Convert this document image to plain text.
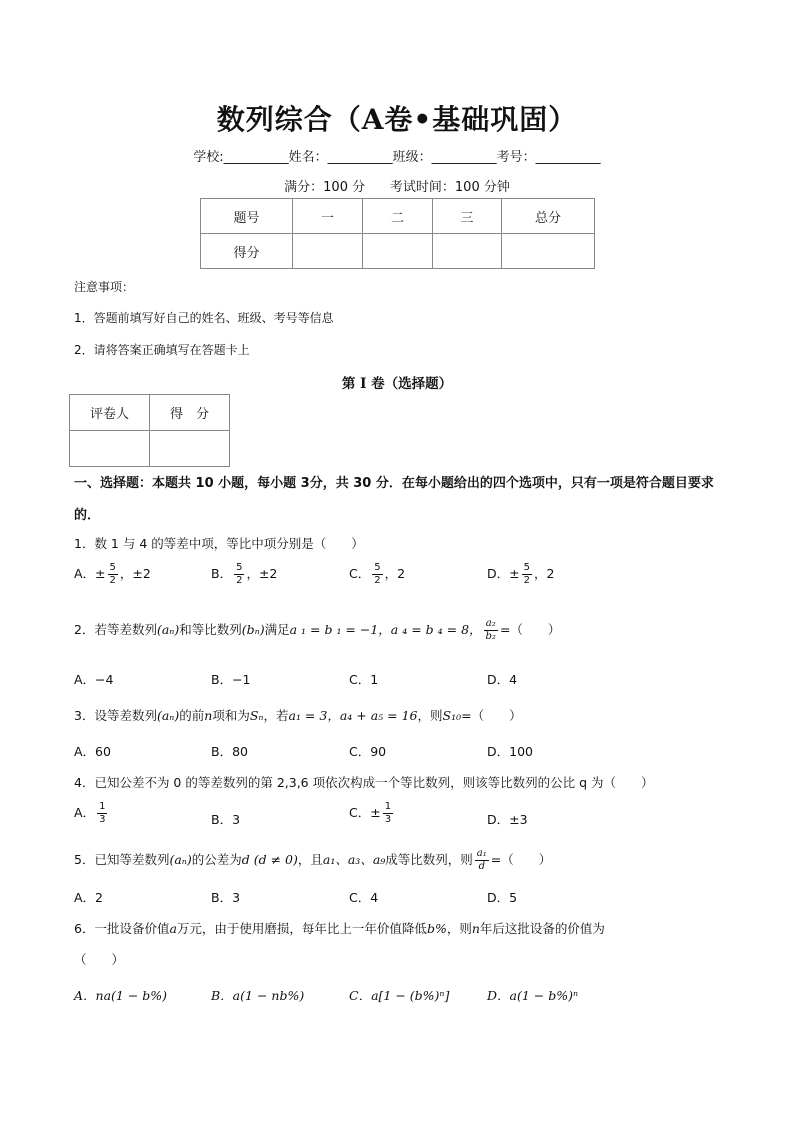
数列综合（A卷•基础巩固）
学校:__________姓名：__________班级：__________考号：__________
满分：100 分      考试时间：100 分钟
题号	一	二	三	总分
得分				
注意事项：
1．答题前填写好自己的姓名、班级、考号等信息
2．请将答案正确填写在答题卡上
第 I 卷（选择题）
评卷人	得　分

一、选择题：本题共 10 小题，每小题 3分，共 30 分．在每小题给出的四个选项中，只有一项是符合题目要求的．
1．数 1 与 4 的等差中项，等比中项分别是（　　）
A．± $\frac{5}{2}$ ，±2	B． $\frac{5}{2}$ ，±2	C． $\frac{5}{2}$ ，2	D．± $\frac{5}{2}$ ，2
2．若等差数列(aₙ)和等比数列(bₙ)满足a ₁ = b ₁ = −1，a ₄ = b ₄ = 8， $\frac{\text{a₂}}{\text{b₂}}$ =（　　）
A．−4	B．−1	C．1	D．4
3．设等差数列(aₙ)的前n项和为Sₙ，若a₁ = 3，a₄ + a₅ = 16，则S₁₀=（　　）
A．60	B．80	C．90	D．100
4．已知公差不为 0 的等差数列的第 2,3,6 项依次构成一个等比数列，则该等比数列的公比 q 为（　　）
A． $\frac{1}{3}$	B．3	C．± $\frac{1}{3}$	D．±3
5．已知等差数列(aₙ)的公差为d (d ≠ 0)，且a₁、a₃、a₉成等比数列，则 $\frac{\text{a₁}}{d}$ =（　　）
A．2	B．3	C．4	D．5
6．一批设备价值a万元，由于使用磨损，每年比上一年价值降低b%，则n年后这批设备的价值为
（　　）
A．na(1 − b%)	B．a(1 − nb%)	C．a[1 − (b%)ⁿ]	D．a(1 − b%)ⁿ
